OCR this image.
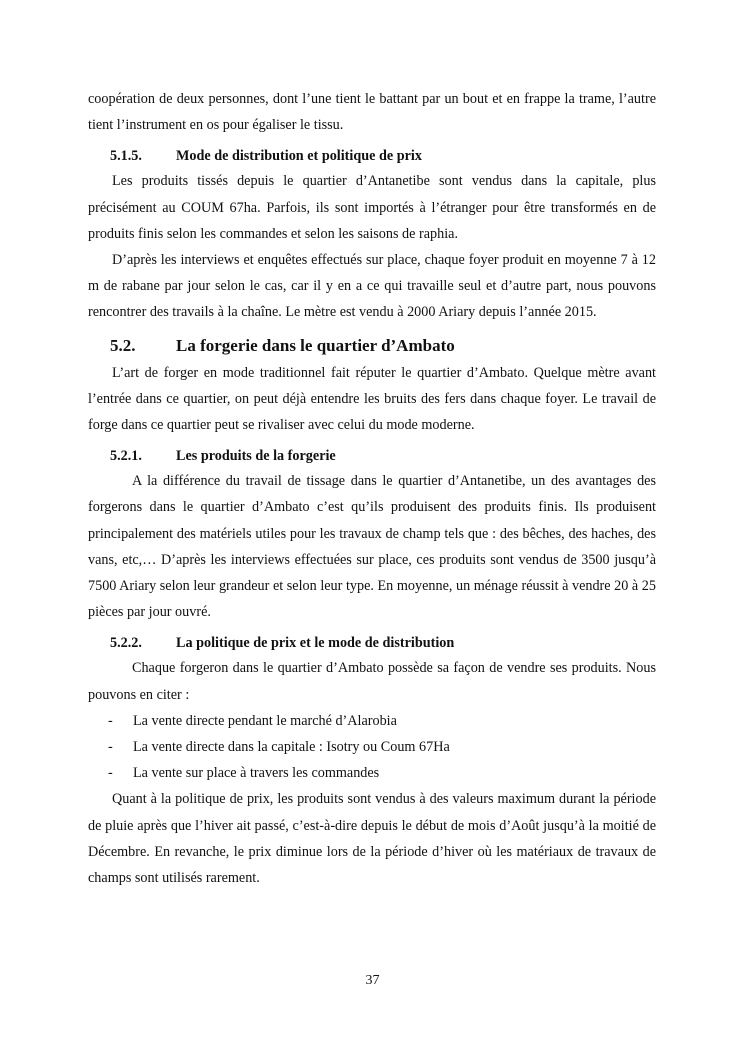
coopération de deux personnes, dont l’une tient le battant par un bout et en frappe la trame, l’autre tient l’instrument en os pour égaliser le tissu.

5.1.5.	Mode de distribution et politique de prix

Les produits tissés depuis le quartier d’Antanetibe sont vendus dans la capitale, plus précisément au COUM 67ha. Parfois, ils sont importés à l’étranger pour être transformés en de produits finis selon les commandes et selon les saisons de raphia.

D’après les interviews et enquêtes effectués sur place, chaque foyer produit en moyenne 7 à 12 m de rabane par jour selon le cas, car il y en a ce qui travaille seul et d’autre part, nous pouvons rencontrer des travails à la chaîne. Le mètre est vendu à 2000 Ariary depuis l’année 2015.

5.2.	La forgerie dans le quartier d’Ambato

L’art de forger en mode traditionnel fait réputer le quartier d’Ambato. Quelque mètre avant l’entrée dans ce quartier, on peut déjà entendre les bruits des fers dans chaque foyer. Le travail de forge dans ce quartier peut se rivaliser avec celui du mode moderne.

5.2.1.	Les produits de la forgerie

A la différence du travail de tissage dans le quartier d’Antanetibe, un des avantages des forgerons dans le quartier d’Ambato c’est qu’ils produisent des produits finis. Ils produisent principalement des matériels utiles pour les travaux de champ tels que : des bêches, des haches, des vans, etc,… D’après les interviews effectuées sur place, ces produits sont vendus de 3500 jusqu’à 7500 Ariary selon leur grandeur et selon leur type. En moyenne, un ménage réussit à vendre 20 à 25 pièces par jour ouvré.

5.2.2.	La politique de prix et le mode de distribution

Chaque forgeron dans le quartier d’Ambato possède sa façon de vendre ses produits. Nous pouvons en citer :

-	La vente directe pendant le marché d’Alarobia
-	La vente directe dans la capitale : Isotry ou Coum 67Ha
-	La vente sur place à travers les commandes

Quant à la politique de prix, les produits sont vendus à des valeurs maximum durant la période de pluie après que l’hiver ait passé, c’est-à-dire depuis le début de mois d’Août jusqu’à la moitié de Décembre. En revanche, le prix diminue lors de la période d’hiver où les matériaux de travaux de champs sont utilisés rarement.

37
